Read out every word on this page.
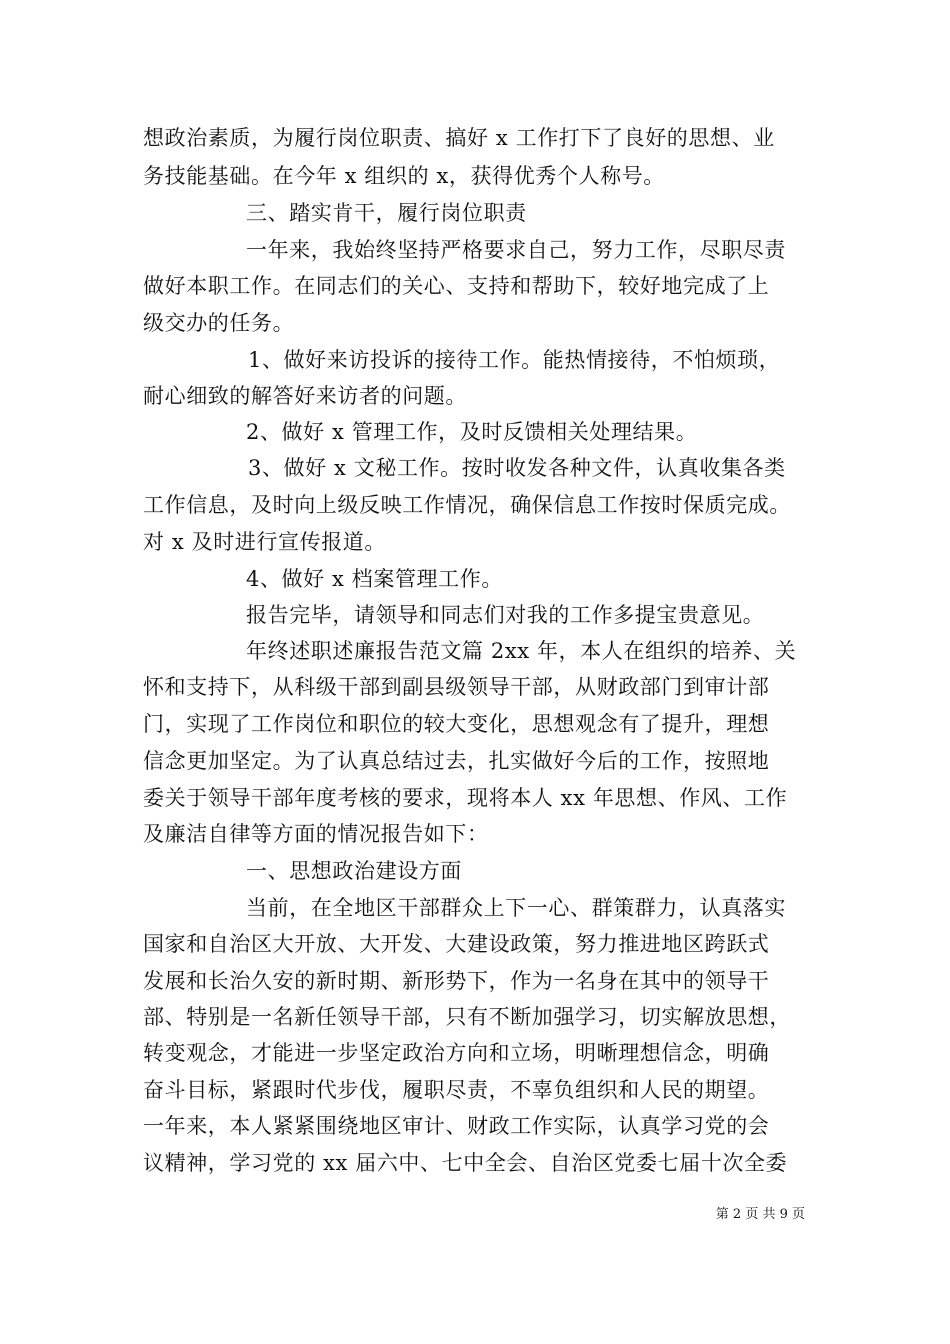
想政治素质，为履行岗位职责、搞好 x 工作打下了良好的思想、业
务技能基础。在今年 x 组织的 x，获得优秀个人称号。
三、踏实肯干，履行岗位职责
一年来，我始终坚持严格要求自己，努力工作，尽职尽责
做好本职工作。在同志们的关心、支持和帮助下，较好地完成了上
级交办的任务。
1、做好来访投诉的接待工作。能热情接待，不怕烦琐，
耐心细致的解答好来访者的问题。
2、做好 x 管理工作，及时反馈相关处理结果。
3、做好 x 文秘工作。按时收发各种文件，认真收集各类
工作信息，及时向上级反映工作情况，确保信息工作按时保质完成。
对 x 及时进行宣传报道。
4、做好 x 档案管理工作。
报告完毕，请领导和同志们对我的工作多提宝贵意见。
年终述职述廉报告范文篇 2xx 年，本人在组织的培养、关
怀和支持下，从科级干部到副县级领导干部，从财政部门到审计部
门，实现了工作岗位和职位的较大变化，思想观念有了提升，理想
信念更加坚定。为了认真总结过去，扎实做好今后的工作，按照地
委关于领导干部年度考核的要求，现将本人 xx 年思想、作风、工作
及廉洁自律等方面的情况报告如下：
一、思想政治建设方面
当前，在全地区干部群众上下一心、群策群力，认真落实
国家和自治区大开放、大开发、大建设政策，努力推进地区跨跃式
发展和长治久安的新时期、新形势下，作为一名身在其中的领导干
部、特别是一名新任领导干部，只有不断加强学习，切实解放思想，
转变观念，才能进一步坚定政治方向和立场，明晰理想信念，明确
奋斗目标，紧跟时代步伐，履职尽责，不辜负组织和人民的期望。
一年来，本人紧紧围绕地区审计、财政工作实际，认真学习党的会
议精神，学习党的 xx 届六中、七中全会、自治区党委七届十次全委
第 2 页 共 9 页
